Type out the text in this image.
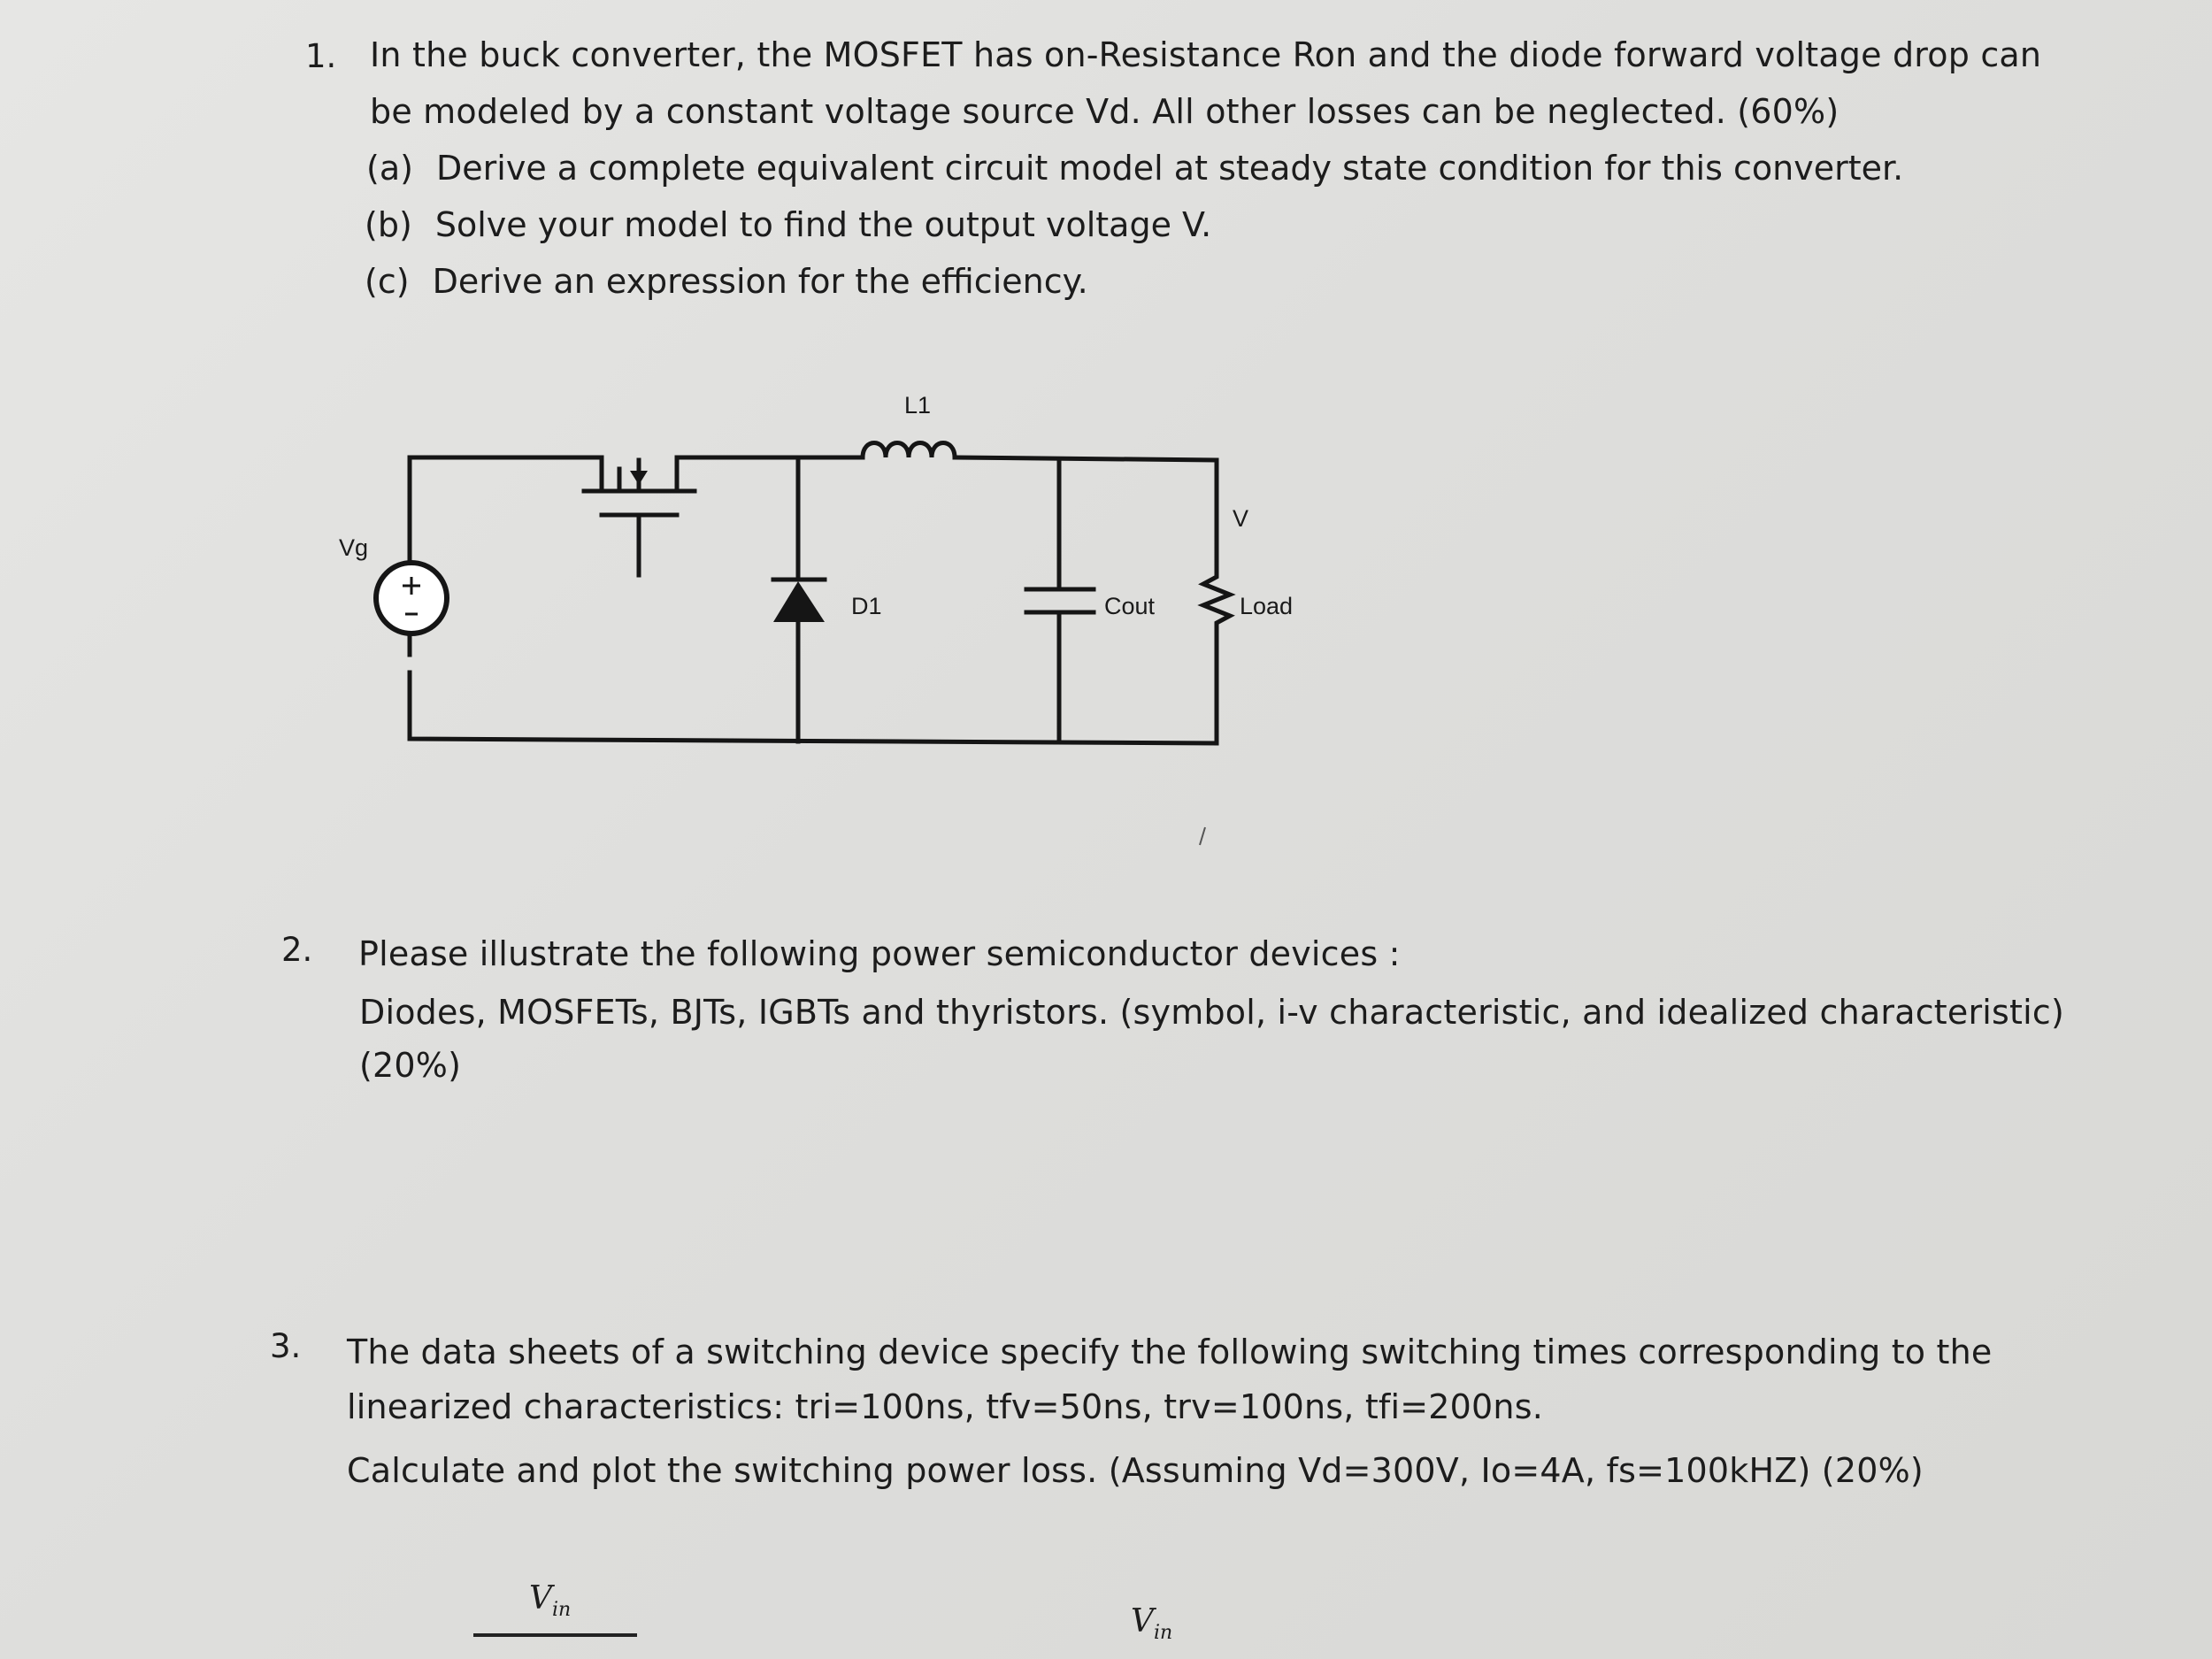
1. In the buck converter, the MOSFET has on-Resistance Ron and the diode forward voltage drop can
be modeled by a constant voltage source Vd. All other losses can be neglected. (60%)
(a) Derive a complete equivalent circuit model at steady state condition for this converter.
(b) Solve your model to find the output voltage V.
(c) Derive an expression for the efficiency.
L1
Vg
D1	Cout	Load
V
2. Please illustrate the following power semiconductor devices :
Diodes, MOSFETs, BJTs, IGBTs and thyristors. (symbol, i-v characteristic, and idealized characteristic)
(20%)
3. The data sheets of a switching device specify the following switching times corresponding to the
linearized characteristics: tri=100ns, tfv=50ns, trv=100ns, tfi=200ns.
Calculate and plot the switching power loss. (Assuming Vd=300V, Io=4A, fs=100kHZ) (20%)
$V_{in}$	$V_{in}$
